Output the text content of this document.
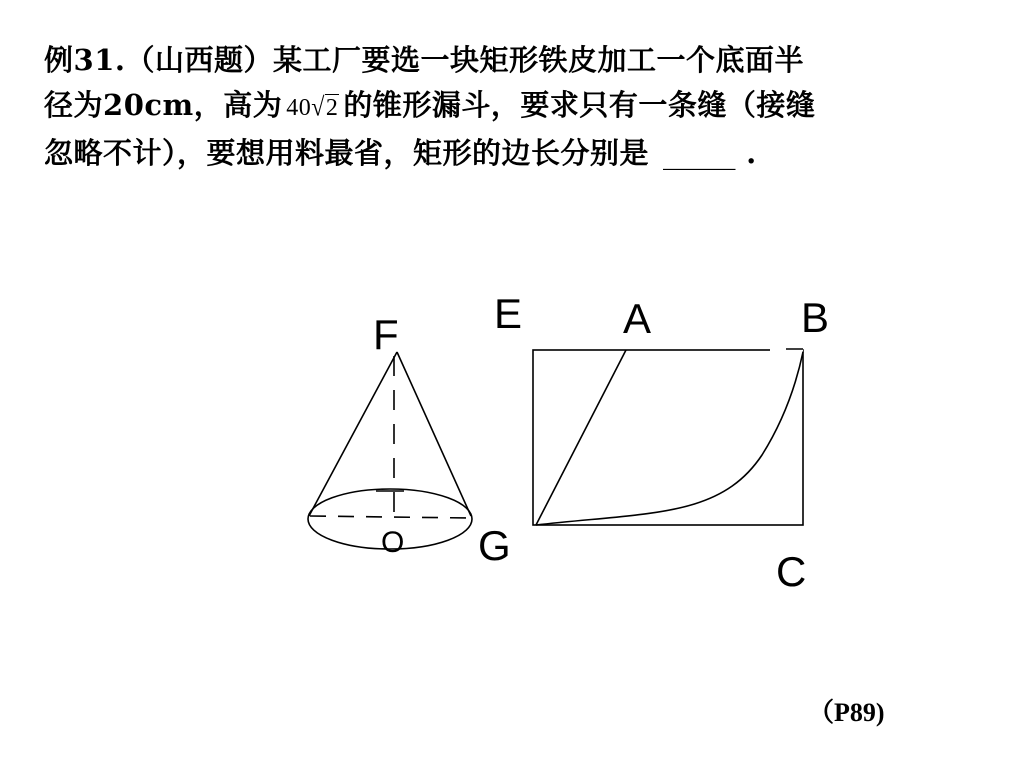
例31.（山西题）某工厂要选一块矩形铁皮加工一个底面半
径为20cm，高为 40√2 的锥形漏斗，要求只有一条缝（接缝
忽略不计），要想用料最省，矩形的边长分别是 _____ .
F
O G
E A	B
C
（P89)
